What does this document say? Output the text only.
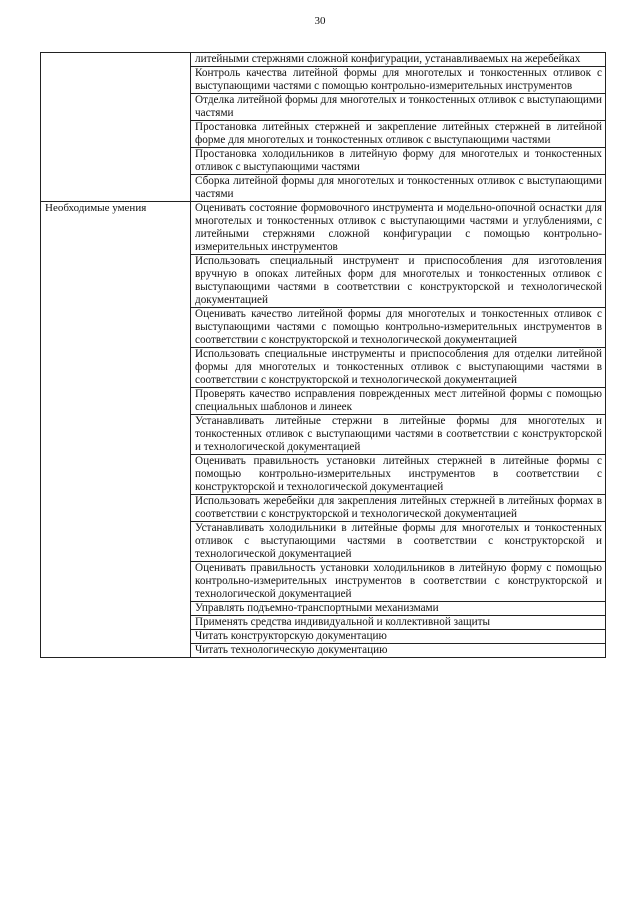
30

	литейными стержнями сложной конфигурации, устанавливаемых на жеребейках

	Контроль качества литейной формы для многотелых и тонкостенных отливок с выступающими частями с помощью контрольно-измерительных инструментов

	Отделка литейной формы для многотелых и тонкостенных отливок с выступающими частями

	Простановка литейных стержней и закрепление литейных стержней в литейной форме для многотелых и тонкостенных отливок с выступающими частями

	Простановка холодильников в литейную форму для многотелых и тонкостенных отливок с выступающими частями

	Сборка литейной формы для многотелых и тонкостенных отливок с выступающими частями

Необходимые умения	Оценивать состояние формовочного инструмента и модельно-опочной оснастки для многотелых и тонкостенных отливок с выступающими частями и углублениями, с литейными стержнями сложной конфигурации с помощью контрольно-измерительных инструментов

	Использовать специальный инструмент и приспособления для изготовления вручную в опоках литейных форм для многотелых и тонкостенных отливок с выступающими частями в соответствии с конструкторской и технологической документацией

	Оценивать качество литейной формы для многотелых и тонкостенных отливок с выступающими частями с помощью контрольно-измерительных инструментов в соответствии с конструкторской и технологической документацией

	Использовать специальные инструменты и приспособления для отделки литейной формы для многотелых и тонкостенных отливок с выступающими частями в соответствии с конструкторской и технологической документацией

	Проверять качество исправления поврежденных мест литейной формы с помощью специальных шаблонов и линеек

	Устанавливать литейные стержни в литейные формы для многотелых и тонкостенных отливок с выступающими частями в соответствии с конструкторской и технологической документацией

	Оценивать правильность установки литейных стержней в литейные формы с помощью контрольно-измерительных инструментов в соответствии с конструкторской и технологической документацией

	Использовать жеребейки для закрепления литейных стержней в литейных формах в соответствии с конструкторской и технологической документацией

	Устанавливать холодильники в литейные формы для многотелых и тонкостенных отливок с выступающими частями в соответствии с конструкторской и технологической документацией

	Оценивать правильность установки холодильников в литейную форму с помощью контрольно-измерительных инструментов в соответствии с конструкторской и технологической документацией

	Управлять подъемно-транспортными механизмами

	Применять средства индивидуальной и коллективной защиты

	Читать конструкторскую документацию

	Читать технологическую документацию
